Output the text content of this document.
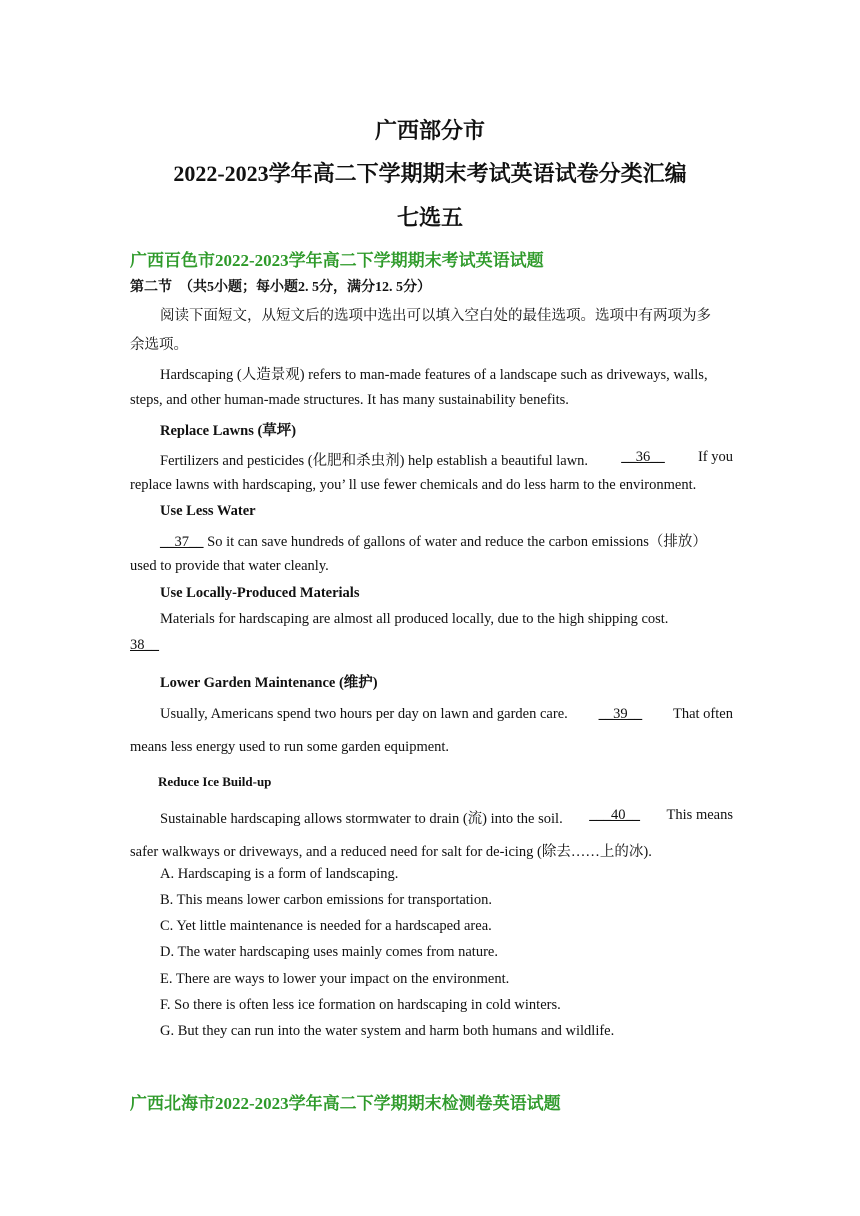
广西部分市
2022-2023学年高二下学期期末考试英语试卷分类汇编
七选五
广西百色市2022-2023学年高二下学期期末考试英语试题
第二节　（共5小题；每小题2. 5分，满分12. 5分）
阅读下面短文，从短文后的选项中选出可以填入空白处的最佳选项。选项中有两项为多
余选项。
Hardscaping (人造景观) refers to man-made features of a landscape such as driveways, walls,
steps, and other human-made structures. It has many sustainability benefits.
Replace Lawns (草坪)
Fertilizers and pesticides (化肥和杀虫剂) help establish a beautiful lawn. __36__ If you
replace lawns with hardscaping, you’ ll use fewer chemicals and do less harm to the environment.
Use Less Water
__37__ So it can save hundreds of gallons of water and reduce the carbon emissions（排放）
used to provide that water cleanly.
Use Locally-Produced Materials
Materials for hardscaping are almost all produced locally, due to the high shipping cost.
38__
Lower Garden Maintenance (维护)
Usually, Americans spend two hours per day on lawn and garden care. __39__ That often
means less energy used to run some garden equipment.
Reduce Ice Build-up
Sustainable hardscaping allows stormwater to drain (流) into the soil. ___40__ This means
safer walkways or driveways, and a reduced need for salt for de-icing (除去……上的冰).
A. Hardscaping is a form of landscaping.
B. This means lower carbon emissions for transportation.
C. Yet little maintenance is needed for a hardscaped area.
D. The water hardscaping uses mainly comes from nature.
E. There are ways to lower your impact on the environment.
F. So there is often less ice formation on hardscaping in cold winters.
G. But they can run into the water system and harm both humans and wildlife.
广西北海市2022-2023学年高二下学期期末检测卷英语试题
